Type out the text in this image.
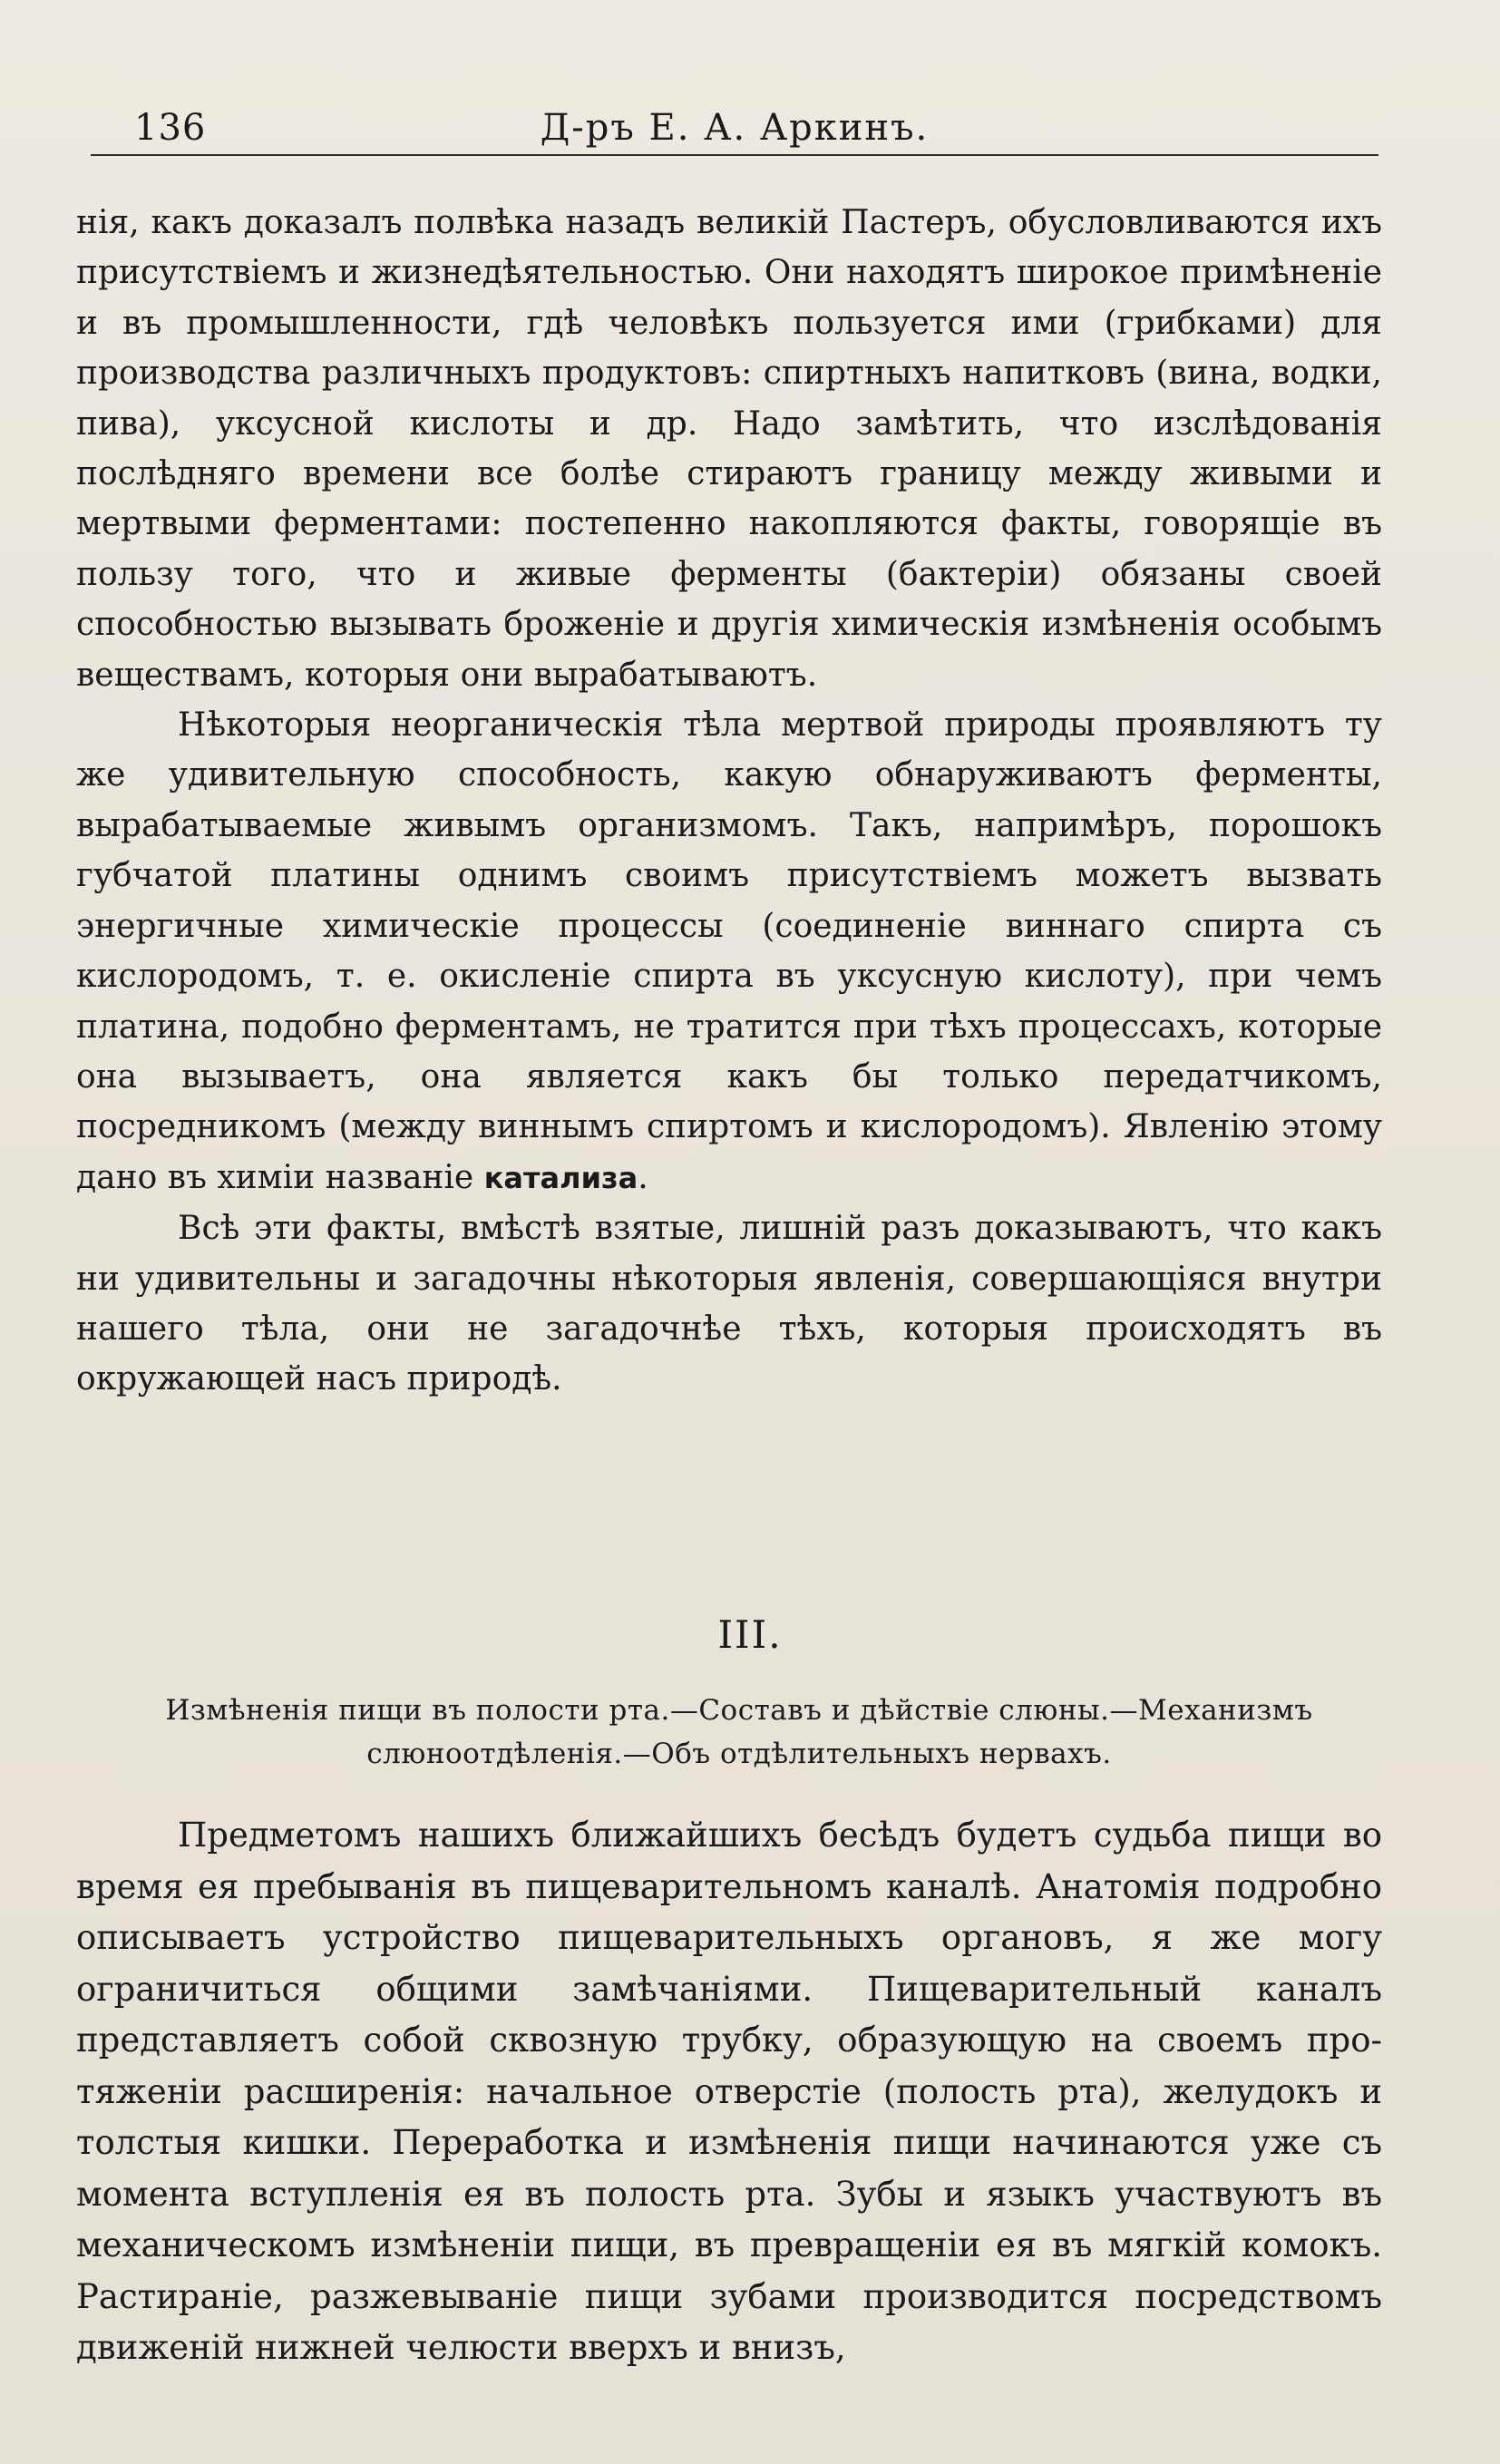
136	Д-ръ Е. А. Аркинъ.

нія, какъ доказалъ полвѣка назадъ великій Пастеръ, обусловливаются ихъ присутствіемъ и жизнедѣятельностью. Они находятъ широкое примѣненіе и въ промышленности, гдѣ человѣкъ пользуется ими (грибками) для производства различныхъ продуктовъ: спиртныхъ напитковъ (вина, водки, пива), уксусной кислоты и др. Надо замѣтить, что изслѣдованія послѣдняго времени все болѣе стираютъ границу между живыми и мертвыми ферментами: постепенно накопляются факты, говорящіе въ пользу того, что и живые ферменты (бактеріи) обязаны своей способностью вызывать броженіе и другія химическія измѣненія особымъ веществамъ, которыя они вырабатываютъ.

Нѣкоторыя неорганическія тѣла мертвой природы проявляютъ ту же удивительную способность, какую обнаруживаютъ ферменты, вырабатываемые живымъ организмомъ. Такъ, напримѣръ, порошокъ губчатой платины однимъ своимъ присутствіемъ можетъ вызвать энергичные химическіе процессы (соединеніе виннаго спирта съ кислородомъ, т. е. окисленіе спирта въ уксусную кислоту), при чемъ платина, подобно ферментамъ, не тратится при тѣхъ процессахъ, которые она вызываетъ, она является какъ бы только передатчикомъ, посредникомъ (между виннымъ спиртомъ и кислородомъ). Явленію этому дано въ химіи названіе катализа.

Всѣ эти факты, вмѣстѣ взятые, лишній разъ доказываютъ, что какъ ни удивительны и загадочны нѣкоторыя явленія, совершающіяся внутри нашего тѣла, они не загадочнѣе тѣхъ, которыя происходятъ въ окружающей насъ природѣ.

III.
Измѣненія пищи въ полости рта.—Составъ и дѣйствіе слюны.—Механизмъ слюноотдѣленія.—Объ отдѣлительныхъ нервахъ.

Предметомъ нашихъ ближайшихъ бесѣдъ будетъ судьба пищи во время ея пребыванія въ пищеварительномъ каналѣ. Анатомія подробно описываетъ устройство пищеварительныхъ органовъ, я же могу ограничиться общими замѣчаніями. Пищеварительный каналъ представляетъ собой сквозную трубку, образующую на своемъ протяженіи расширенія: начальное отверстіе (полость рта), желудокъ и толстыя кишки. Переработка и измѣненія пищи начинаются уже съ момента вступленія ея въ полость рта. Зубы и языкъ участвуютъ въ механическомъ измѣненіи пищи, въ превращеніи ея въ мягкій комокъ. Растираніе, разжевываніе пищи зубами производится посредствомъ движеній нижней челюсти вверхъ и внизъ,
